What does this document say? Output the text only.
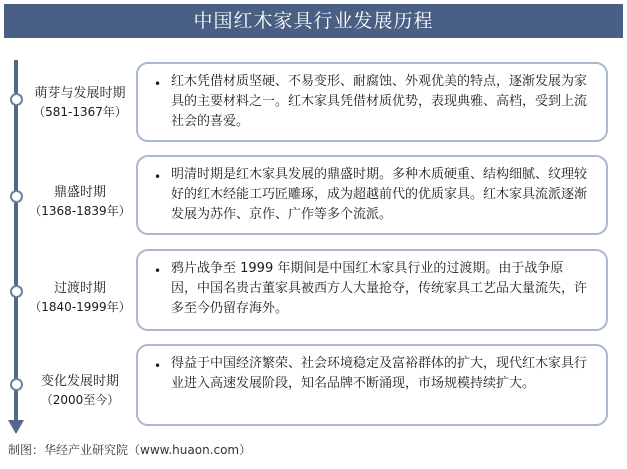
中国红木家具行业发展历程
萌芽与发展时期
（581-1367年）
• 红木凭借材质坚硬、不易变形、耐腐蚀、外观优美的特点，逐渐发展为家具的主要材料之一。红木家具凭借材质优势，表现典雅、高档，受到上流社会的喜爱。

鼎盛时期
（1368-1839年）
• 明清时期是红木家具发展的鼎盛时期。多种木质硬重、结构细腻、纹理较好的红木经能工巧匠雕琢，成为超越前代的优质家具。红木家具流派逐渐发展为苏作、京作、广作等多个流派。

过渡时期
（1840-1999年）
• 鸦片战争至 1999 年期间是中国红木家具行业的过渡期。由于战争原因，中国名贵古董家具被西方人大量抢夺，传统家具工艺品大量流失，许多至今仍留存海外。

变化发展时期
（2000至今）
• 得益于中国经济繁荣、社会环境稳定及富裕群体的扩大，现代红木家具行业进入高速发展阶段，知名品牌不断涌现，市场规模持续扩大。

制图：华经产业研究院（www.huaon.com）
